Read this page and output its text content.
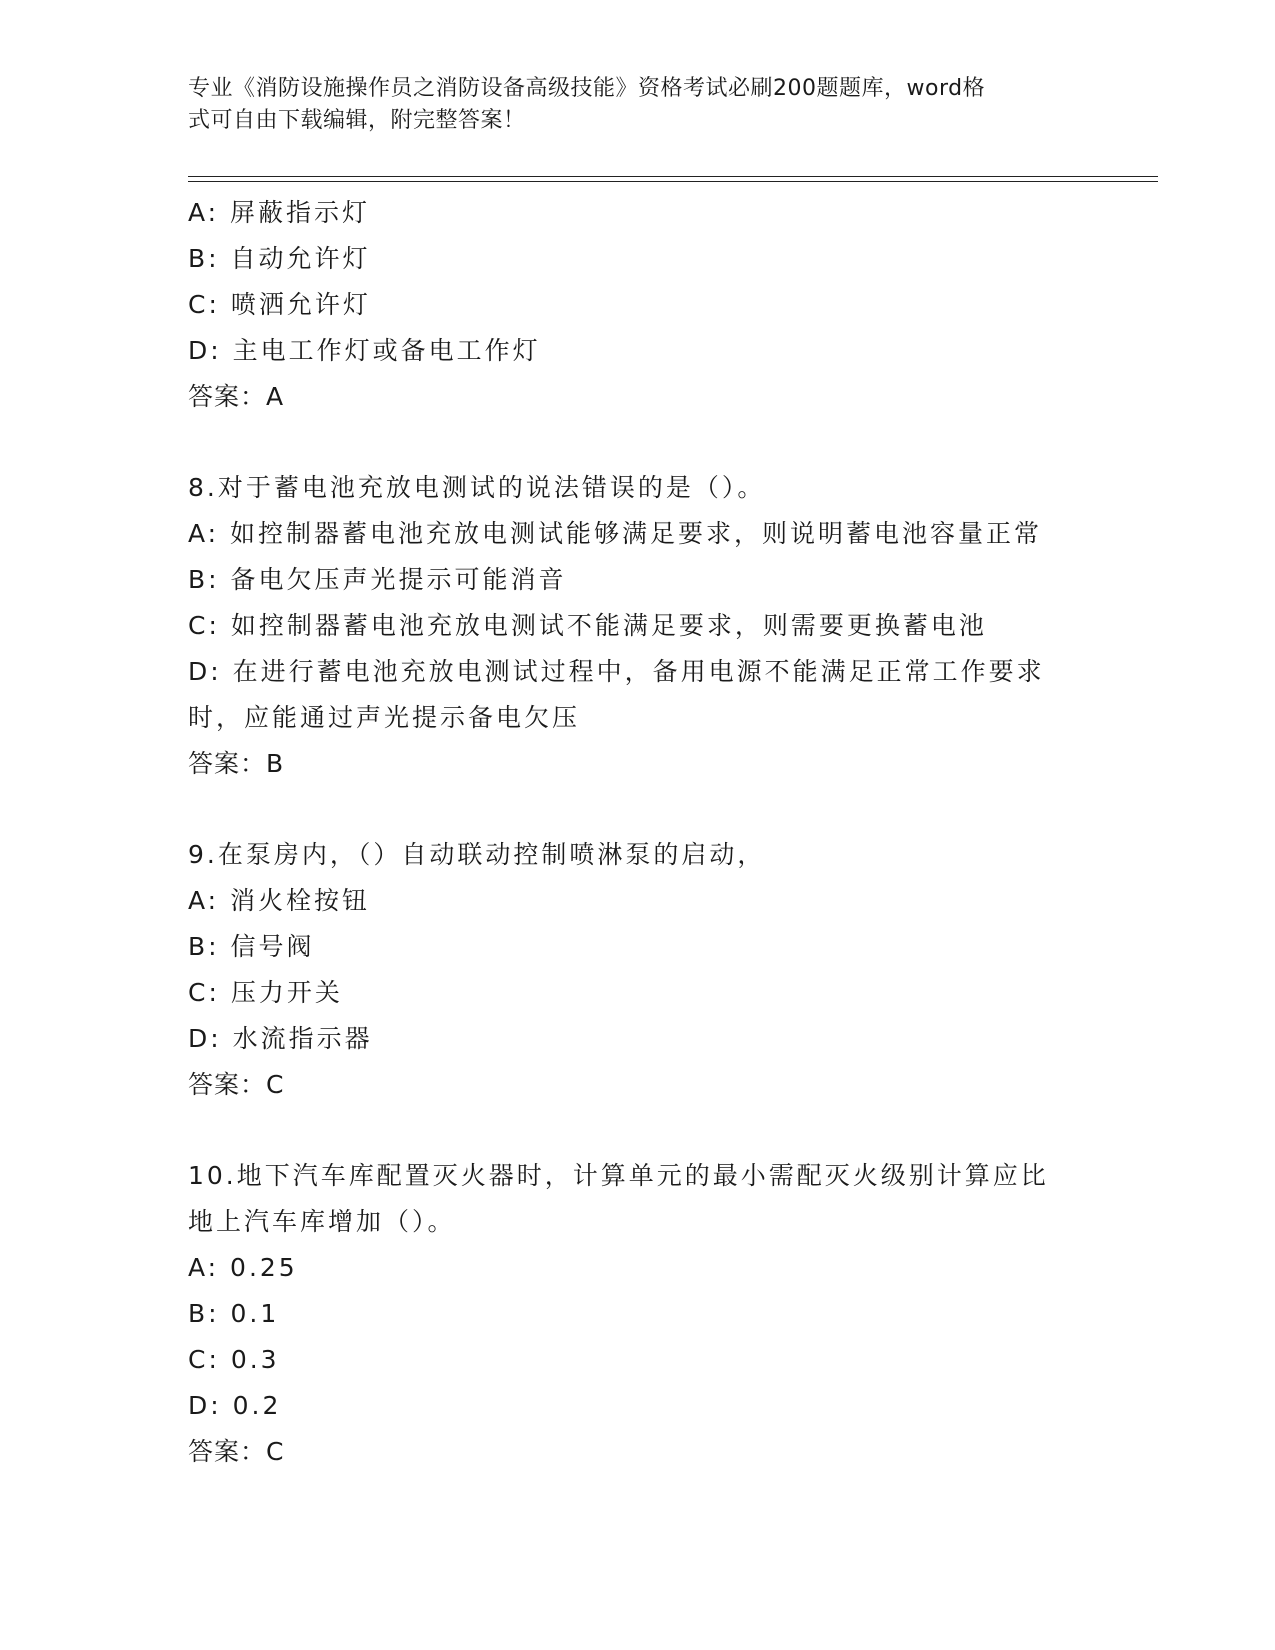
专业《消防设施操作员之消防设备高级技能》资格考试必刷200题题库，word格
式可自由下载编辑，附完整答案！
A: 屏蔽指示灯
B: 自动允许灯
C: 喷洒允许灯
D: 主电工作灯或备电工作灯
答案：A
8.对于蓄电池充放电测试的说法错误的是（）。
A: 如控制器蓄电池充放电测试能够满足要求，则说明蓄电池容量正常
B: 备电欠压声光提示可能消音
C: 如控制器蓄电池充放电测试不能满足要求，则需要更换蓄电池
D: 在进行蓄电池充放电测试过程中，备用电源不能满足正常工作要求
时，应能通过声光提示备电欠压
答案：B
9.在泵房内，（）自动联动控制喷淋泵的启动，
A: 消火栓按钮
B: 信号阀
C: 压力开关
D: 水流指示器
答案：C
10.地下汽车库配置灭火器时，计算单元的最小需配灭火级别计算应比
地上汽车库增加（）。
A: 0.25
B: 0.1
C: 0.3
D: 0.2
答案：C
